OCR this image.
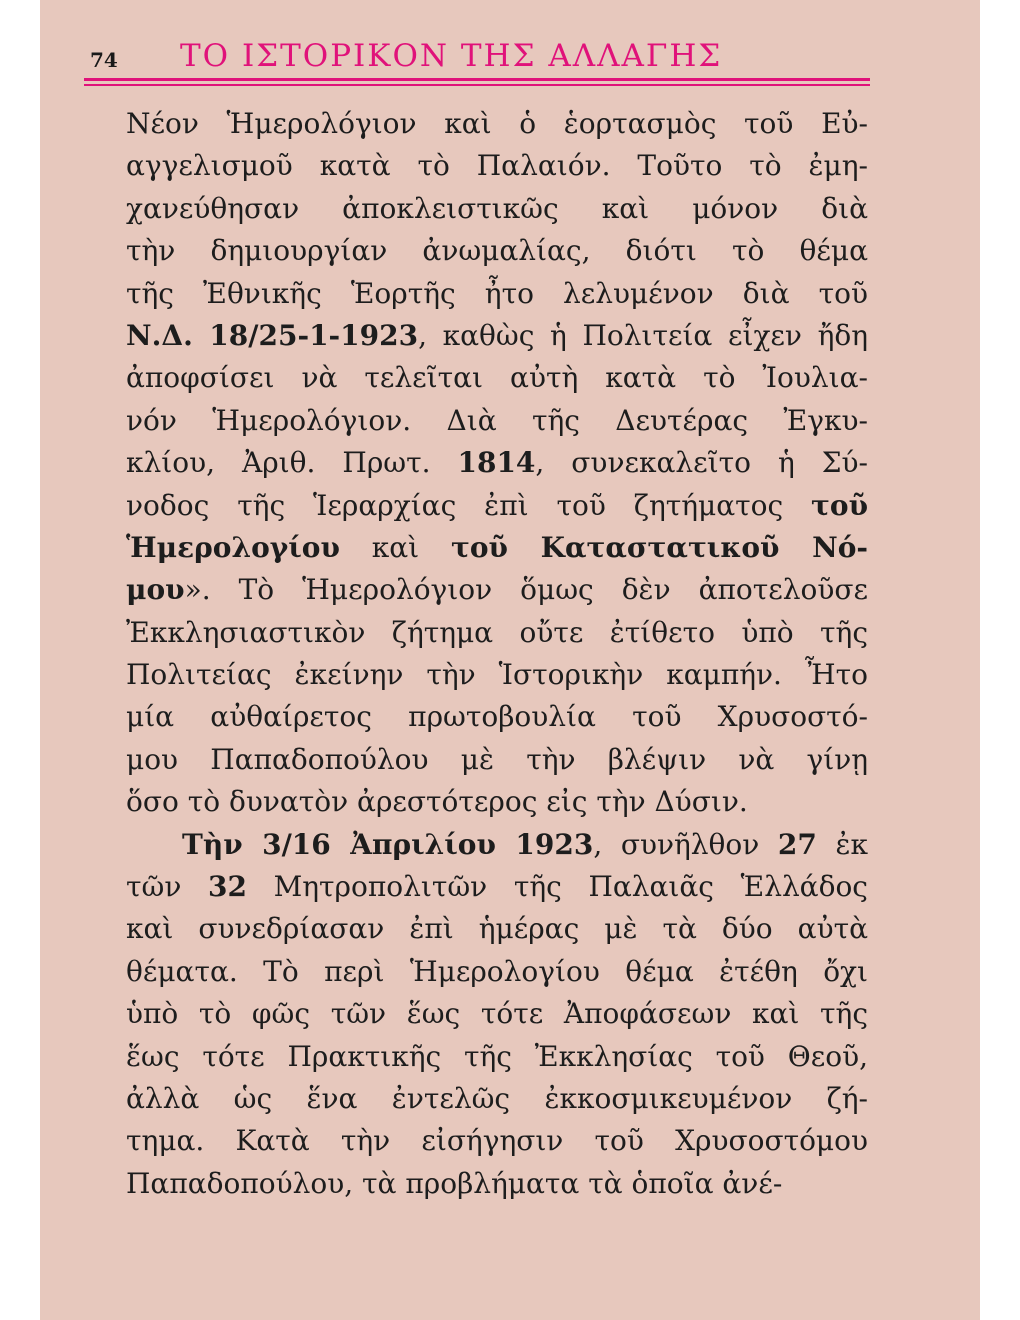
74 ΤΟ ΙΣΤΟΡΙΚΟΝ ΤΗΣ ΑΛΛΑΓΗΣ
Νέον Ἡμερολόγιον καὶ ὁ ἑορτασμὸς τοῦ Εὐ-
αγγελισμοῦ κατὰ τὸ Παλαιόν. Τοῦτο τὸ ἐμη-
χανεύθησαν ἀποκλειστικῶς καὶ μόνον διὰ
τὴν δημιουργίαν ἀνωμαλίας, διότι τὸ θέμα
τῆς Ἐθνικῆς Ἑορτῆς ἦτο λελυμένον διὰ τοῦ
Ν.Δ. 18/25-1-1923, καθὼς ἡ Πολιτεία εἶχεν ἤδη
ἀποφσίσει νὰ τελεῖται αὐτὴ κατὰ τὸ Ἰουλια-
νόν Ἡμερολόγιον. Διὰ τῆς Δευτέρας Ἐγκυ-
κλίου, Ἀριθ. Πρωτ. 1814, συνεκαλεῖτο ἡ Σύ-
νοδος τῆς Ἱεραρχίας ἐπὶ τοῦ ζητήματος τοῦ
Ἡμερολογίου καὶ τοῦ Καταστατικοῦ Νό-
μου». Τὸ Ἡμερολόγιον ὅμως δὲν ἀποτελοῦσε
Ἐκκλησιαστικὸν ζήτημα οὔτε ἐτίθετο ὑπὸ τῆς
Πολιτείας ἐκείνην τὴν Ἱστορικὴν καμπήν. Ἦτο
μία αὐθαίρετος πρωτοβουλία τοῦ Χρυσοστό-
μου Παπαδοπούλου μὲ τὴν βλέψιν νὰ γίνῃ
ὅσο τὸ δυνατὸν ἀρεστότερος εἰς τὴν Δύσιν.
Τὴν 3/16 Ἀπριλίου 1923, συνῆλθον 27 ἐκ
τῶν 32 Μητροπολιτῶν τῆς Παλαιᾶς Ἑλλάδος
καὶ συνεδρίασαν ἐπὶ ἡμέρας μὲ τὰ δύο αὐτὰ
θέματα. Τὸ περὶ Ἡμερολογίου θέμα ἐτέθη ὄχι
ὑπὸ τὸ φῶς τῶν ἕως τότε Ἀποφάσεων καὶ τῆς
ἕως τότε Πρακτικῆς τῆς Ἐκκλησίας τοῦ Θεοῦ,
ἀλλὰ ὡς ἕνα ἐντελῶς ἐκκοσμικευμένον ζή-
τημα. Κατὰ τὴν εἰσήγησιν τοῦ Χρυσοστόμου
Παπαδοπούλου, τὰ προβλήματα τὰ ὁποῖα ἀνέ-
